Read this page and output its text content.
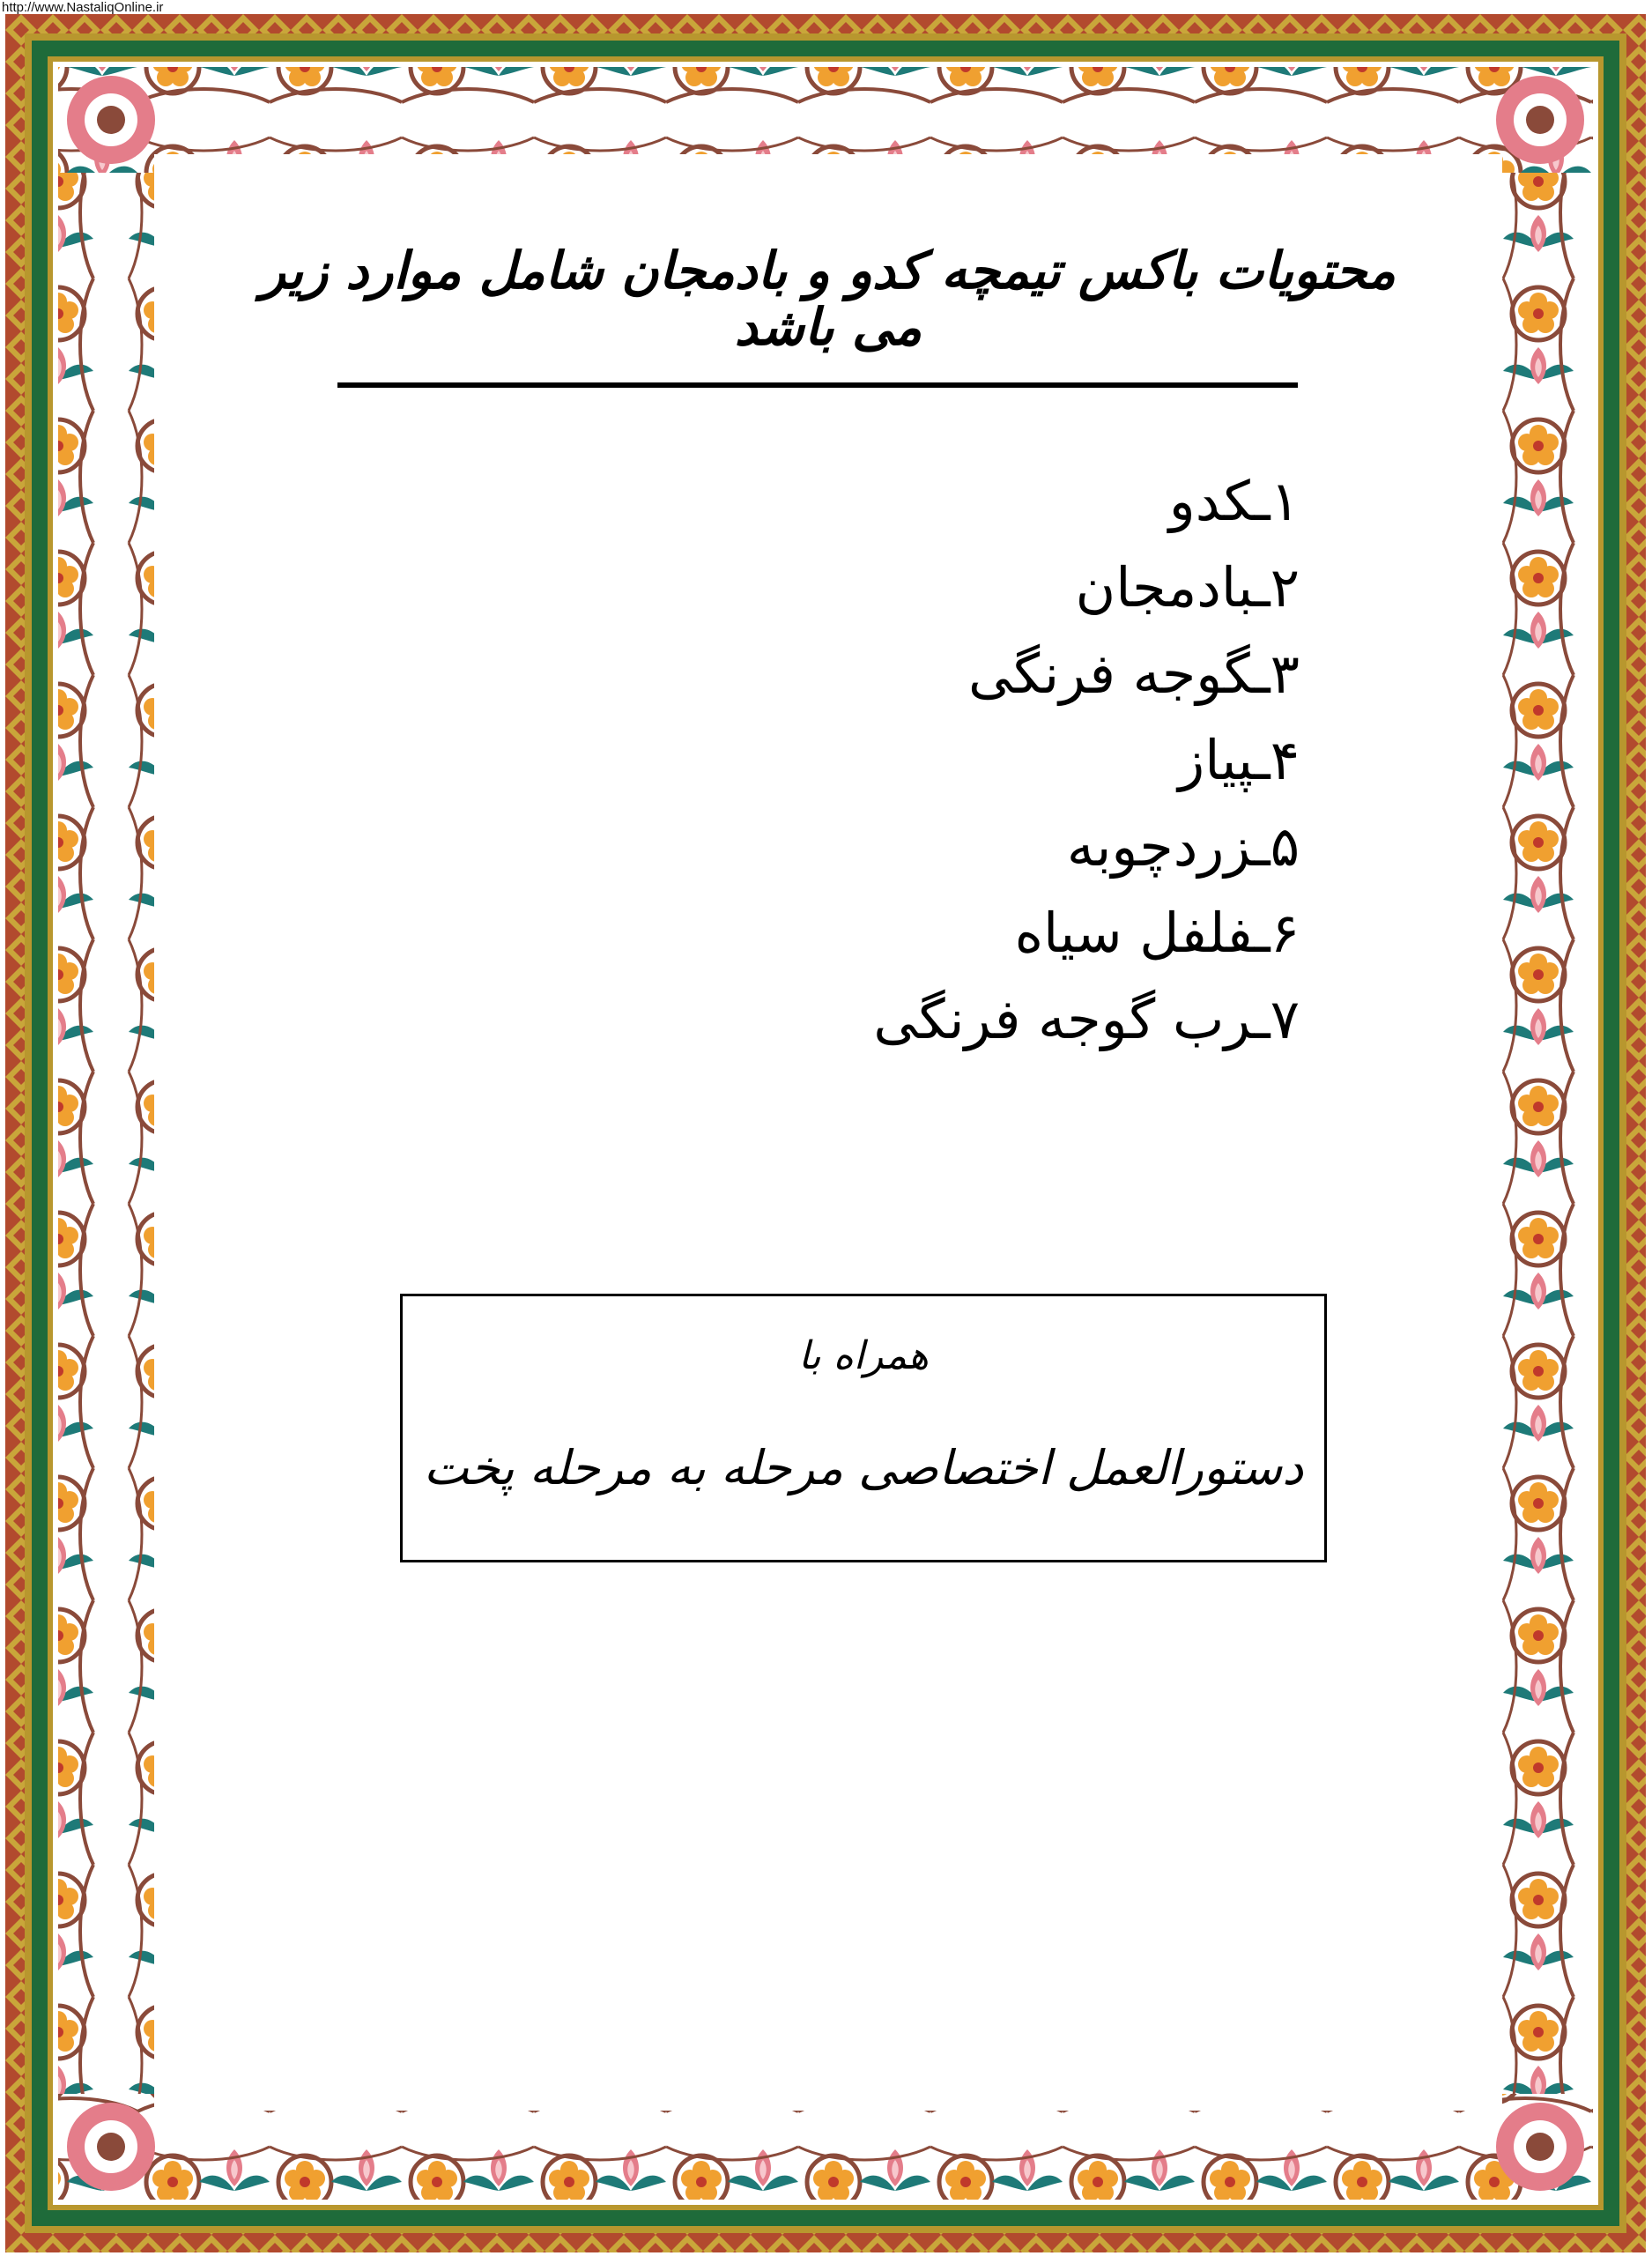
http://www.NastaliqOnline.ir
محتویات باکس تیمچه کدو و بادمجان شامل موارد زیر
می باشد
۱ـکدو
۲ـبادمجان
۳ـگوجه فرنگی
۴ـپیاز
۵ـزردچوبه
۶ـفلفل سیاه
۷ـرب گوجه فرنگی
همراه با
دستورالعمل اختصاصی مرحله به مرحله پخت
